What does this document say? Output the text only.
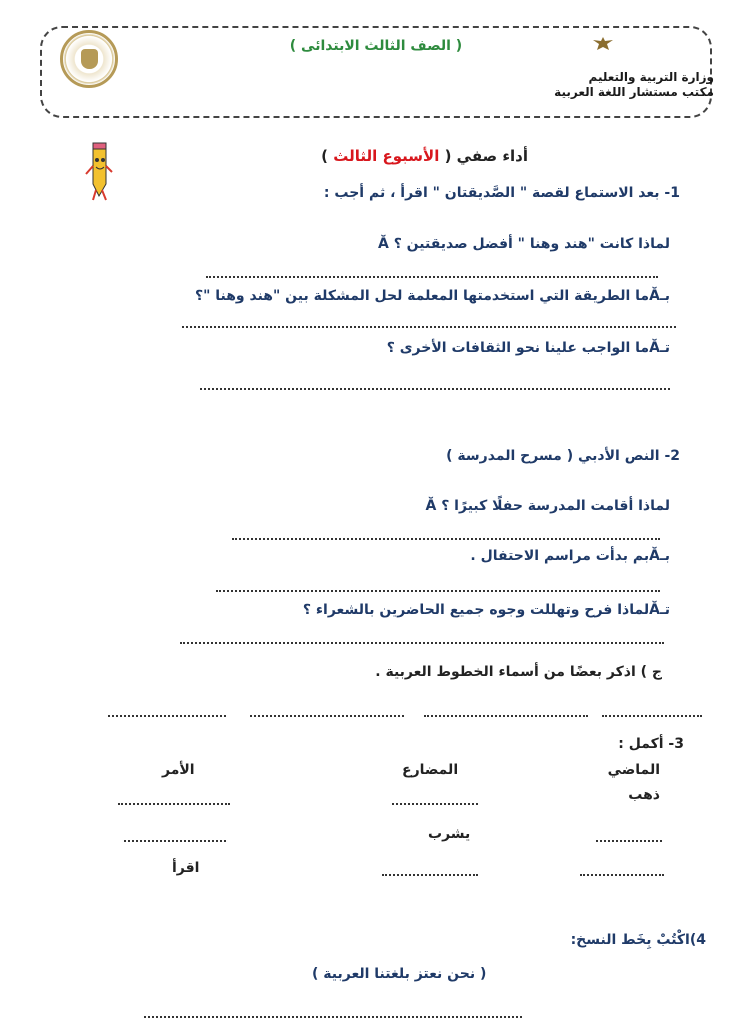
( الصف الثالث الابتدائى )
وزارة التربية والتعليم
مكتب مستشار اللغة العربية
أداء صفي ( الأسبوع الثالث )
1- بعد الاستماع لقصة " الصَّديقتان " اقرأ ، ثم أجب :
Ă لماذا كانت "هند وهنا " أفضل صديقتين ؟
بـĂما الطريقة التي استخدمتها المعلمة لحل المشكلة بين "هند وهنا "؟
تـĂما الواجب علينا نحو الثقافات الأخرى ؟
2- النص الأدبي ( مسرح المدرسة )
Ă لماذا أقامت المدرسة حفلًا كبيرًا ؟
بـĂبم بدأت مراسم الاحتفال .
تـĂلماذا فرح وتهللت وجوه جميع الحاضرين بالشعراء ؟
ج ) اذكر بعضًا من أسماء الخطوط العربية .
3- أكمل :
الماضي
المضارع
الأمر
ذهب
يشرب
اقرأ
4)اكْتُبْ بِخَط النسخ:
( نحن نعتز بلغتنا العربية )
